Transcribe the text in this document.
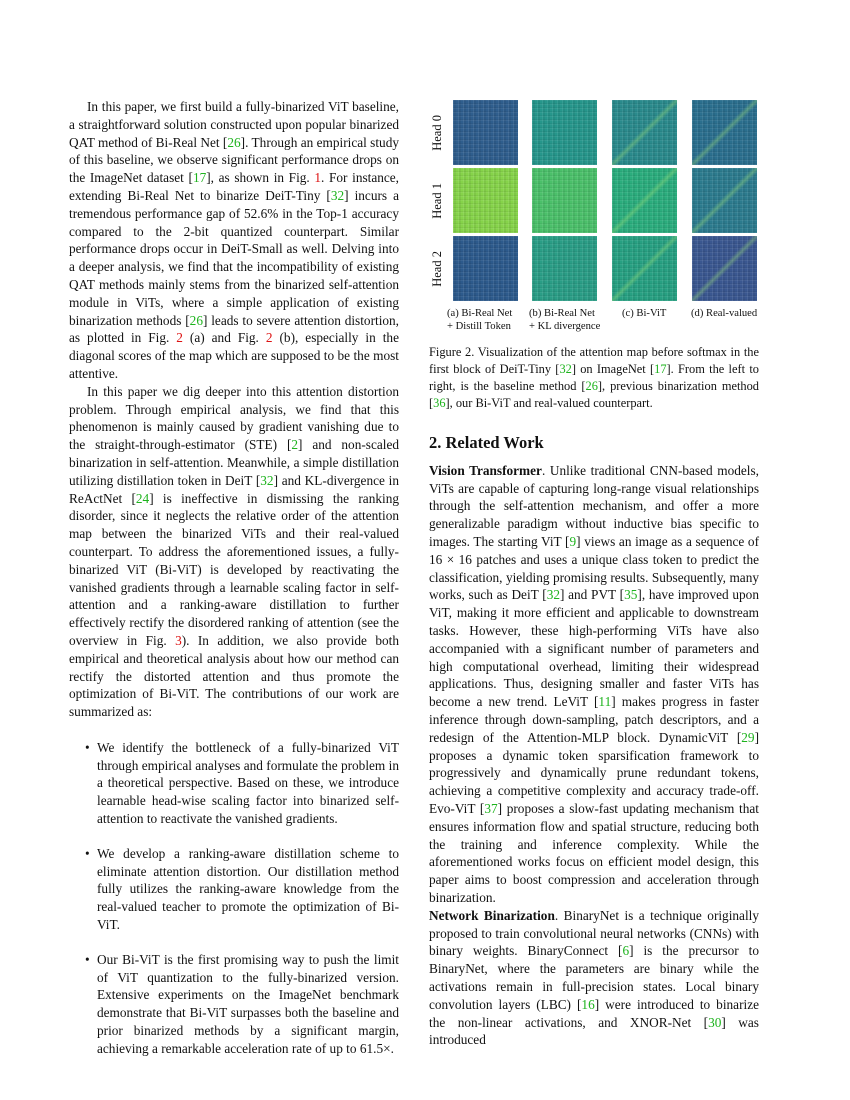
In this paper, we first build a fully-binarized ViT baseline, a straightforward solution constructed upon popular binarized QAT method of Bi-Real Net [26]. Through an empirical study of this baseline, we observe significant performance drops on the ImageNet dataset [17], as shown in Fig. 1. For instance, extending Bi-Real Net to binarize DeiT-Tiny [32] incurs a tremendous performance gap of 52.6% in the Top-1 accuracy compared to the 2-bit quantized counterpart. Similar performance drops occur in DeiT-Small as well. Delving into a deeper analysis, we find that the incompatibility of existing QAT methods mainly stems from the binarized self-attention module in ViTs, where a simple application of existing binarization methods [26] leads to severe attention distortion, as plotted in Fig. 2 (a) and Fig. 2 (b), especially in the diagonal scores of the map which are supposed to be the most attentive.

In this paper we dig deeper into this attention distortion problem. Through empirical analysis, we find that this phenomenon is mainly caused by gradient vanishing due to the straight-through-estimator (STE) [2] and non-scaled binarization in self-attention. Meanwhile, a simple distillation utilizing distillation token in DeiT [32] and KL-divergence in ReActNet [24] is ineffective in dismissing the ranking disorder, since it neglects the relative order of the attention map between the binarized ViTs and their real-valued counterpart. To address the aforementioned issues, a fully-binarized ViT (Bi-ViT) is developed by reactivating the vanished gradients through a learnable scaling factor in self-attention and a ranking-aware distillation to further effectively rectify the disordered ranking of attention (see the overview in Fig. 3). In addition, we also provide both empirical and theoretical analysis about how our method can rectify the distorted attention and thus promote the optimization of Bi-ViT. The contributions of our work are summarized as:

• We identify the bottleneck of a fully-binarized ViT through empirical analyses and formulate the problem in a theoretical perspective. Based on these, we introduce learnable head-wise scaling factor into binarized self-attention to reactivate the vanished gradients.
• We develop a ranking-aware distillation scheme to eliminate attention distortion. Our distillation method fully utilizes the ranking-aware knowledge from the real-valued teacher to promote the optimization of Bi-ViT.
• Our Bi-ViT is the first promising way to push the limit of ViT quantization to the fully-binarized version. Extensive experiments on the ImageNet benchmark demonstrate that Bi-ViT surpasses both the baseline and prior binarized methods by a significant margin, achieving a remarkable acceleration rate of up to 61.5×.
Head 0
Head 1
Head 2
(a) Bi-Real Net
+ Distill Token
(b) Bi-Real Net
+ KL divergence
(c) Bi-ViT	(d) Real-valued
Figure 2. Visualization of the attention map before softmax in the first block of DeiT-Tiny [32] on ImageNet [17]. From the left to right, is the baseline method [26], previous binarization method [36], our Bi-ViT and real-valued counterpart.
2. Related Work

Vision Transformer. Unlike traditional CNN-based models, ViTs are capable of capturing long-range visual relationships through the self-attention mechanism, and offer a more generalizable paradigm without inductive bias specific to images. The starting ViT [9] views an image as a sequence of 16 × 16 patches and uses a unique class token to predict the classification, yielding promising results. Subsequently, many works, such as DeiT [32] and PVT [35], have improved upon ViT, making it more efficient and applicable to downstream tasks. However, these high-performing ViTs have also accompanied with a significant number of parameters and high computational overhead, limiting their widespread applications. Thus, designing smaller and faster ViTs has become a new trend. LeViT [11] makes progress in faster inference through down-sampling, patch descriptors, and a redesign of the Attention-MLP block. DynamicViT [29] proposes a dynamic token sparsification framework to progressively and dynamically prune redundant tokens, achieving a competitive complexity and accuracy trade-off. Evo-ViT [37] proposes a slow-fast updating mechanism that ensures information flow and spatial structure, reducing both the training and inference complexity. While the aforementioned works focus on efficient model design, this paper aims to boost compression and acceleration through binarization.

Network Binarization. BinaryNet is a technique originally proposed to train convolutional neural networks (CNNs) with binary weights. BinaryConnect [6] is the precursor to BinaryNet, where the parameters are binary while the activations remain in full-precision states. Local binary convolution layers (LBC) [16] were introduced to binarize the non-linear activations, and XNOR-Net [30] was introduced
